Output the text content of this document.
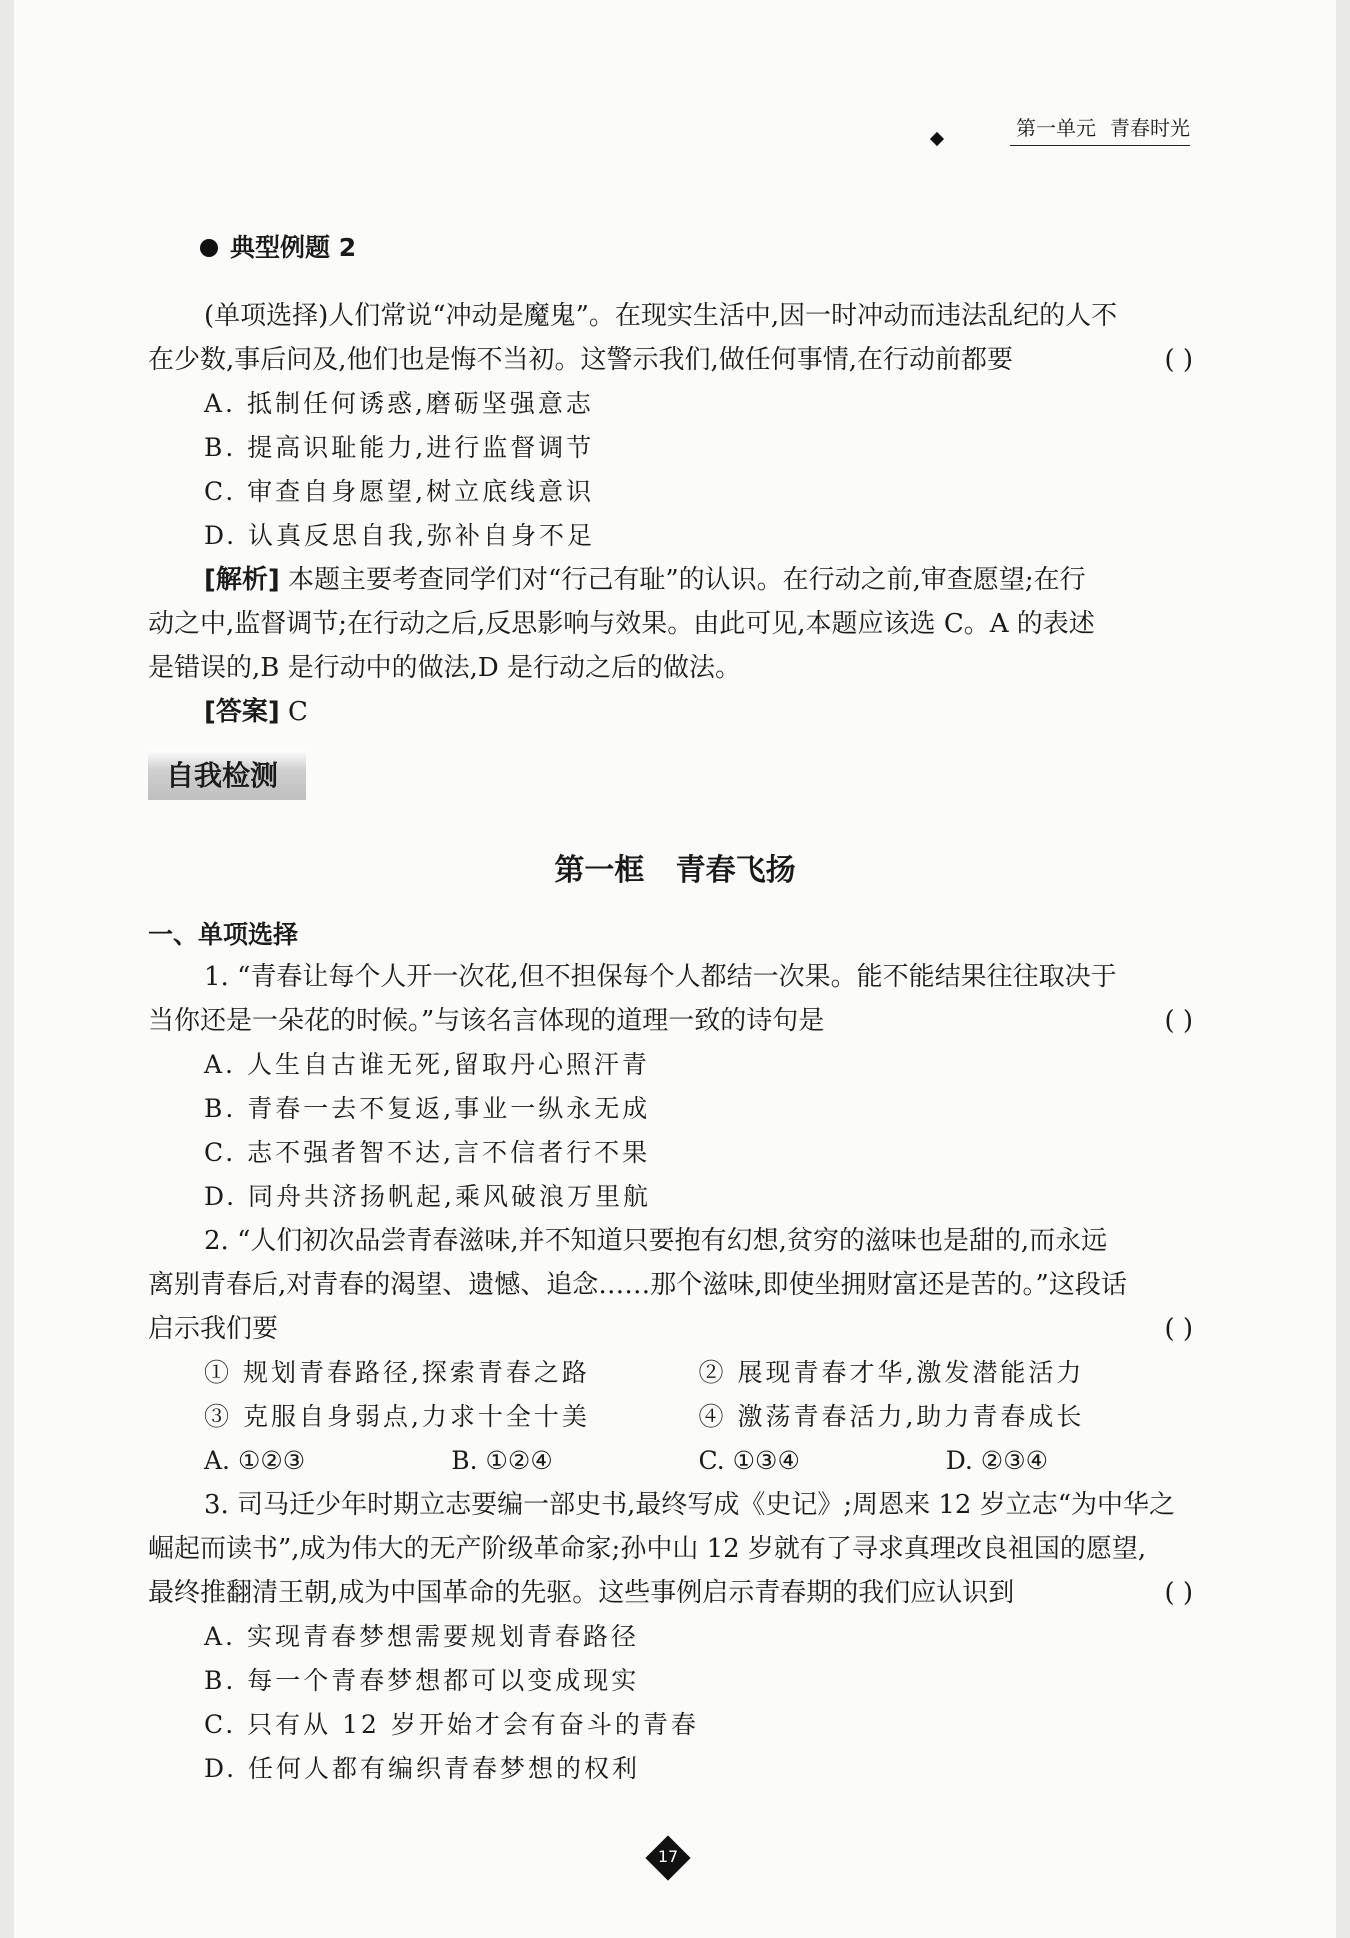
第一单元 青春时光
典型例题 2
(单项选择)人们常说“冲动是魔鬼”。在现实生活中,因一时冲动而违法乱纪的人不
在少数,事后问及,他们也是悔不当初。这警示我们,做任何事情,在行动前都要	( )
A. 抵制任何诱惑,磨砺坚强意志
B. 提高识耻能力,进行监督调节
C. 审查自身愿望,树立底线意识
D. 认真反思自我,弥补自身不足
[解析] 本题主要考查同学们对“行己有耻”的认识。在行动之前,审查愿望;在行
动之中,监督调节;在行动之后,反思影响与效果。由此可见,本题应该选 C。A 的表述
是错误的,B 是行动中的做法,D 是行动之后的做法。
[答案] C
自我检测
第一框   青春飞扬
一、单项选择
1. “青春让每个人开一次花,但不担保每个人都结一次果。能不能结果往往取决于
当你还是一朵花的时候。”与该名言体现的道理一致的诗句是	( )
A. 人生自古谁无死,留取丹心照汗青
B. 青春一去不复返,事业一纵永无成
C. 志不强者智不达,言不信者行不果
D. 同舟共济扬帆起,乘风破浪万里航
2. “人们初次品尝青春滋味,并不知道只要抱有幻想,贫穷的滋味也是甜的,而永远
离别青春后,对青春的渴望、遗憾、追念……那个滋味,即使坐拥财富还是苦的。”这段话
启示我们要	( )
① 规划青春路径,探索青春之路	② 展现青春才华,激发潜能活力
③ 克服自身弱点,力求十全十美	④ 激荡青春活力,助力青春成长
A. ①②③	B. ①②④	C. ①③④	D. ②③④
3. 司马迁少年时期立志要编一部史书,最终写成《史记》;周恩来 12 岁立志“为中华之
崛起而读书”,成为伟大的无产阶级革命家;孙中山 12 岁就有了寻求真理改良祖国的愿望,
最终推翻清王朝,成为中国革命的先驱。这些事例启示青春期的我们应认识到	( )
A. 实现青春梦想需要规划青春路径
B. 每一个青春梦想都可以变成现实
C. 只有从 12 岁开始才会有奋斗的青春
D. 任何人都有编织青春梦想的权利
17
